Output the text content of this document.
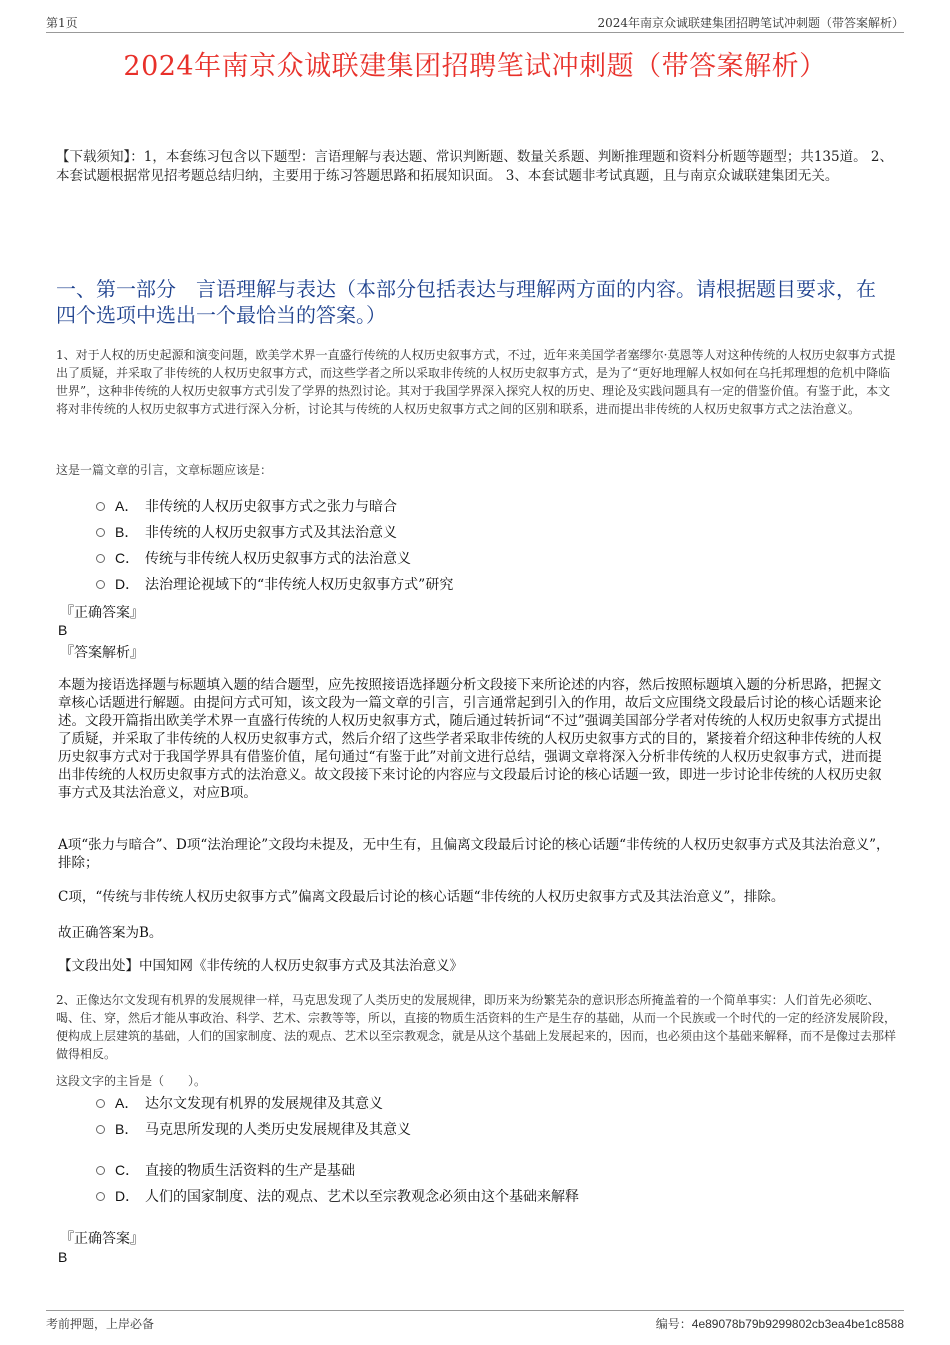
第1页	2024年南京众诚联建集团招聘笔试冲刺题（带答案解析）
2024年南京众诚联建集团招聘笔试冲刺题（带答案解析）
【下载须知】：1，本套练习包含以下题型：言语理解与表达题、常识判断题、数量关系题、判断推理题和资料分析题等题型；共135道。 2、本套试题根据常见招考题总结归纳，主要用于练习答题思路和拓展知识面。 3、本套试题非考试真题，且与南京众诚联建集团无关。
一、第一部分　言语理解与表达（本部分包括表达与理解两方面的内容。请根据题目要求，在四个选项中选出一个最恰当的答案。）
1、对于人权的历史起源和演变问题，欧美学术界一直盛行传统的人权历史叙事方式，不过，近年来美国学者塞缪尔·莫恩等人对这种传统的人权历史叙事方式提出了质疑，并采取了非传统的人权历史叙事方式，而这些学者之所以采取非传统的人权历史叙事方式，是为了“更好地理解人权如何在乌托邦理想的危机中降临世界”，这种非传统的人权历史叙事方式引发了学界的热烈讨论。其对于我国学界深入探究人权的历史、理论及实践问题具有一定的借鉴价值。有鉴于此，本文将对非传统的人权历史叙事方式进行深入分析，讨论其与传统的人权历史叙事方式之间的区别和联系，进而提出非传统的人权历史叙事方式之法治意义。
这是一篇文章的引言，文章标题应该是：
A． 非传统的人权历史叙事方式之张力与暗合
B． 非传统的人权历史叙事方式及其法治意义
C． 传统与非传统人权历史叙事方式的法治意义
D． 法治理论视域下的“非传统人权历史叙事方式”研究
『正确答案』
B
『答案解析』
本题为接语选择题与标题填入题的结合题型，应先按照接语选择题分析文段接下来所论述的内容，然后按照标题填入题的分析思路，把握文章核心话题进行解题。由提问方式可知，该文段为一篇文章的引言，引言通常起到引入的作用，故后文应围绕文段最后讨论的核心话题来论述。文段开篇指出欧美学术界一直盛行传统的人权历史叙事方式，随后通过转折词“不过”强调美国部分学者对传统的人权历史叙事方式提出了质疑，并采取了非传统的人权历史叙事方式，然后介绍了这些学者采取非传统的人权历史叙事方式的目的，紧接着介绍这种非传统的人权历史叙事方式对于我国学界具有借鉴价值，尾句通过“有鉴于此”对前文进行总结，强调文章将深入分析非传统的人权历史叙事方式，进而提出非传统的人权历史叙事方式的法治意义。故文段接下来讨论的内容应与文段最后讨论的核心话题一致，即进一步讨论非传统的人权历史叙事方式及其法治意义，对应B项。
A项“张力与暗合”、D项“法治理论”文段均未提及，无中生有，且偏离文段最后讨论的核心话题“非传统的人权历史叙事方式及其法治意义”，排除；
C项，“传统与非传统人权历史叙事方式”偏离文段最后讨论的核心话题“非传统的人权历史叙事方式及其法治意义”，排除。
故正确答案为B。
【文段出处】中国知网《非传统的人权历史叙事方式及其法治意义》
2、正像达尔文发现有机界的发展规律一样，马克思发现了人类历史的发展规律，即历来为纷繁芜杂的意识形态所掩盖着的一个简单事实：人们首先必须吃、喝、住、穿，然后才能从事政治、科学、艺术、宗教等等，所以，直接的物质生活资料的生产是生存的基础，从而一个民族或一个时代的一定的经济发展阶段，便构成上层建筑的基础，人们的国家制度、法的观点、艺术以至宗教观念，就是从这个基础上发展起来的，因而，也必须由这个基础来解释，而不是像过去那样做得相反。
这段文字的主旨是（　　）。
A． 达尔文发现有机界的发展规律及其意义
B． 马克思所发现的人类历史发展规律及其意义
C． 直接的物质生活资料的生产是基础
D． 人们的国家制度、法的观点、艺术以至宗教观念必须由这个基础来解释
『正确答案』
B
考前押题，上岸必备	编号：4e89078b79b9299802cb3ea4be1c8588
